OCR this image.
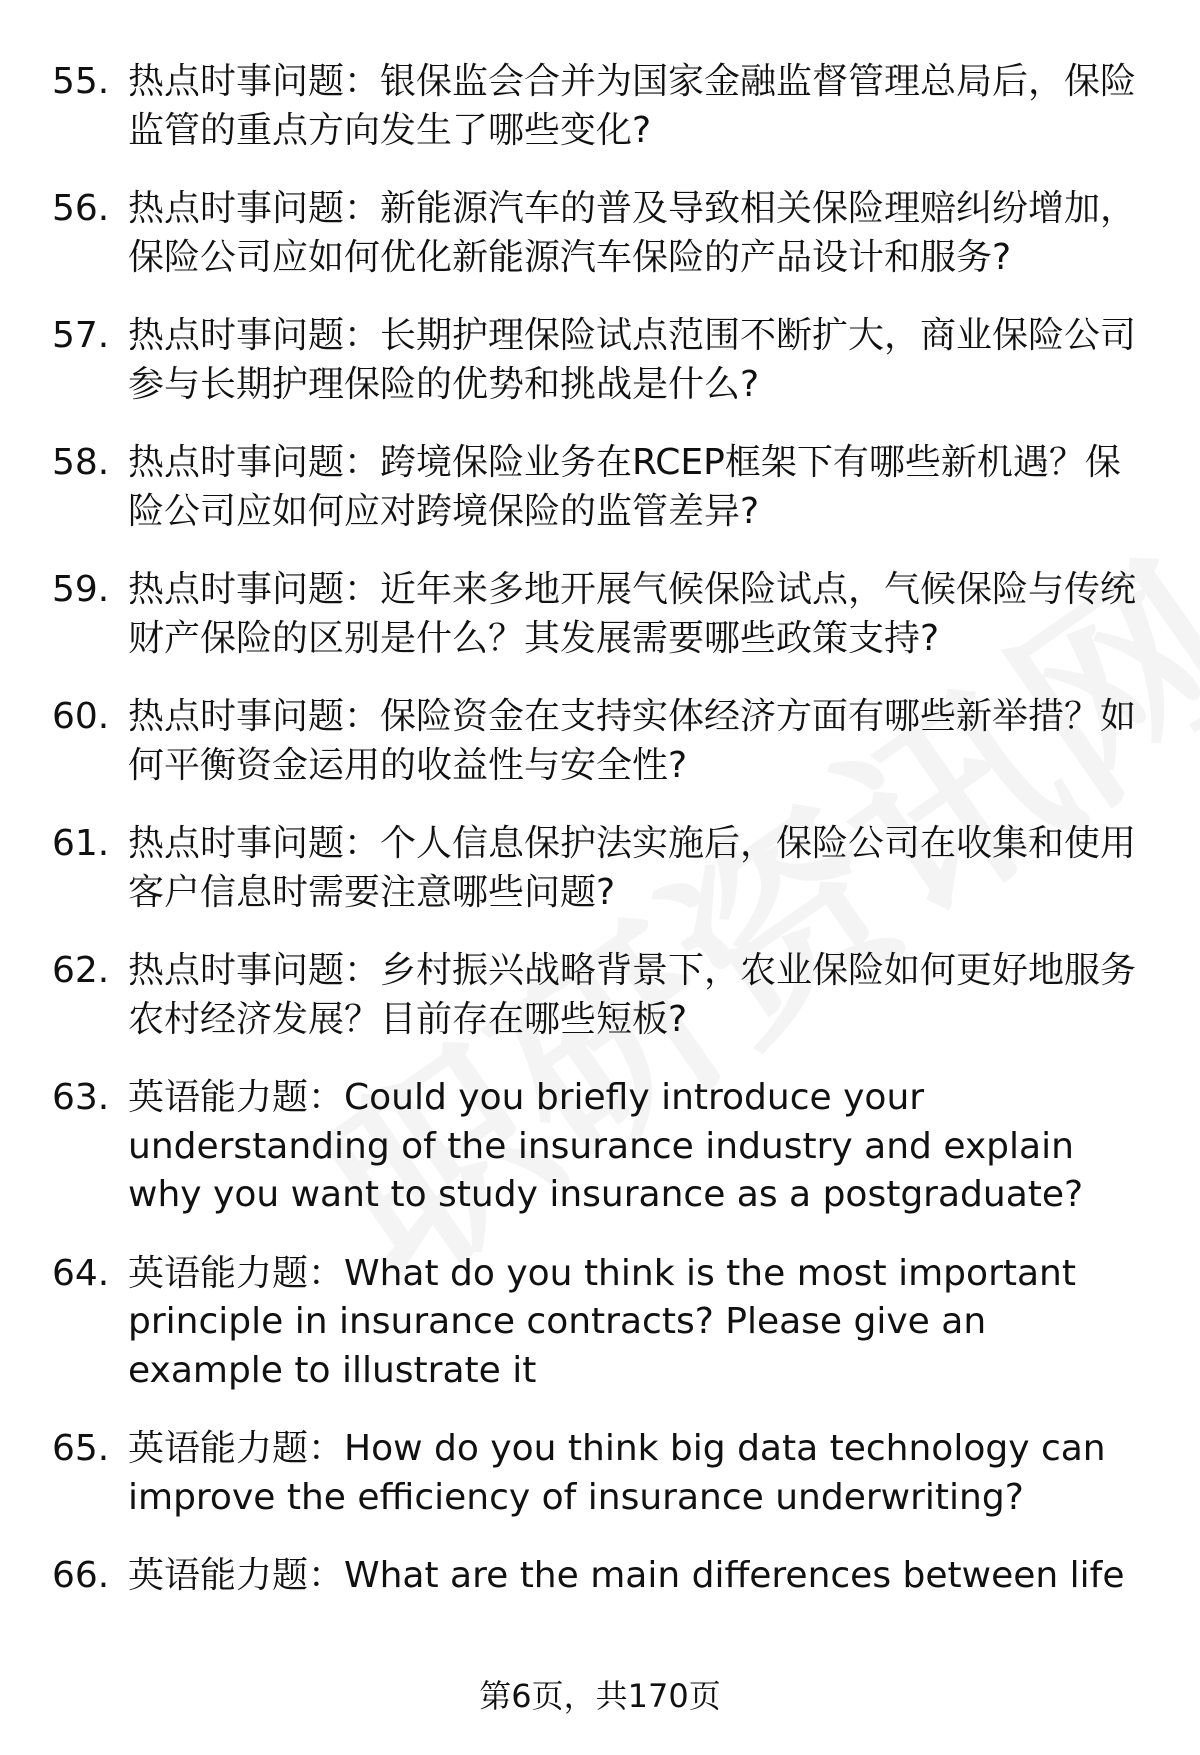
55. 热点时事问题：银保监会合并为国家金融监督管理总局后，保险监管的重点方向发生了哪些变化?
56. 热点时事问题：新能源汽车的普及导致相关保险理赔纠纷增加，保险公司应如何优化新能源汽车保险的产品设计和服务?
57. 热点时事问题：长期护理保险试点范围不断扩大，商业保险公司参与长期护理保险的优势和挑战是什么?
58. 热点时事问题：跨境保险业务在RCEP框架下有哪些新机遇？保险公司应如何应对跨境保险的监管差异?
59. 热点时事问题：近年来多地开展气候保险试点，气候保险与传统财产保险的区别是什么？其发展需要哪些政策支持?
60. 热点时事问题：保险资金在支持实体经济方面有哪些新举措？如何平衡资金运用的收益性与安全性?
61. 热点时事问题：个人信息保护法实施后，保险公司在收集和使用客户信息时需要注意哪些问题?
62. 热点时事问题：乡村振兴战略背景下，农业保险如何更好地服务农村经济发展？目前存在哪些短板?
63. 英语能力题：Could you briefly introduce your understanding of the insurance industry and explain why you want to study insurance as a postgraduate?
64. 英语能力题：What do you think is the most important principle in insurance contracts? Please give an example to illustrate it
65. 英语能力题：How do you think big data technology can improve the efficiency of insurance underwriting?
66. 英语能力题：What are the main differences between life
第6页，共170页
